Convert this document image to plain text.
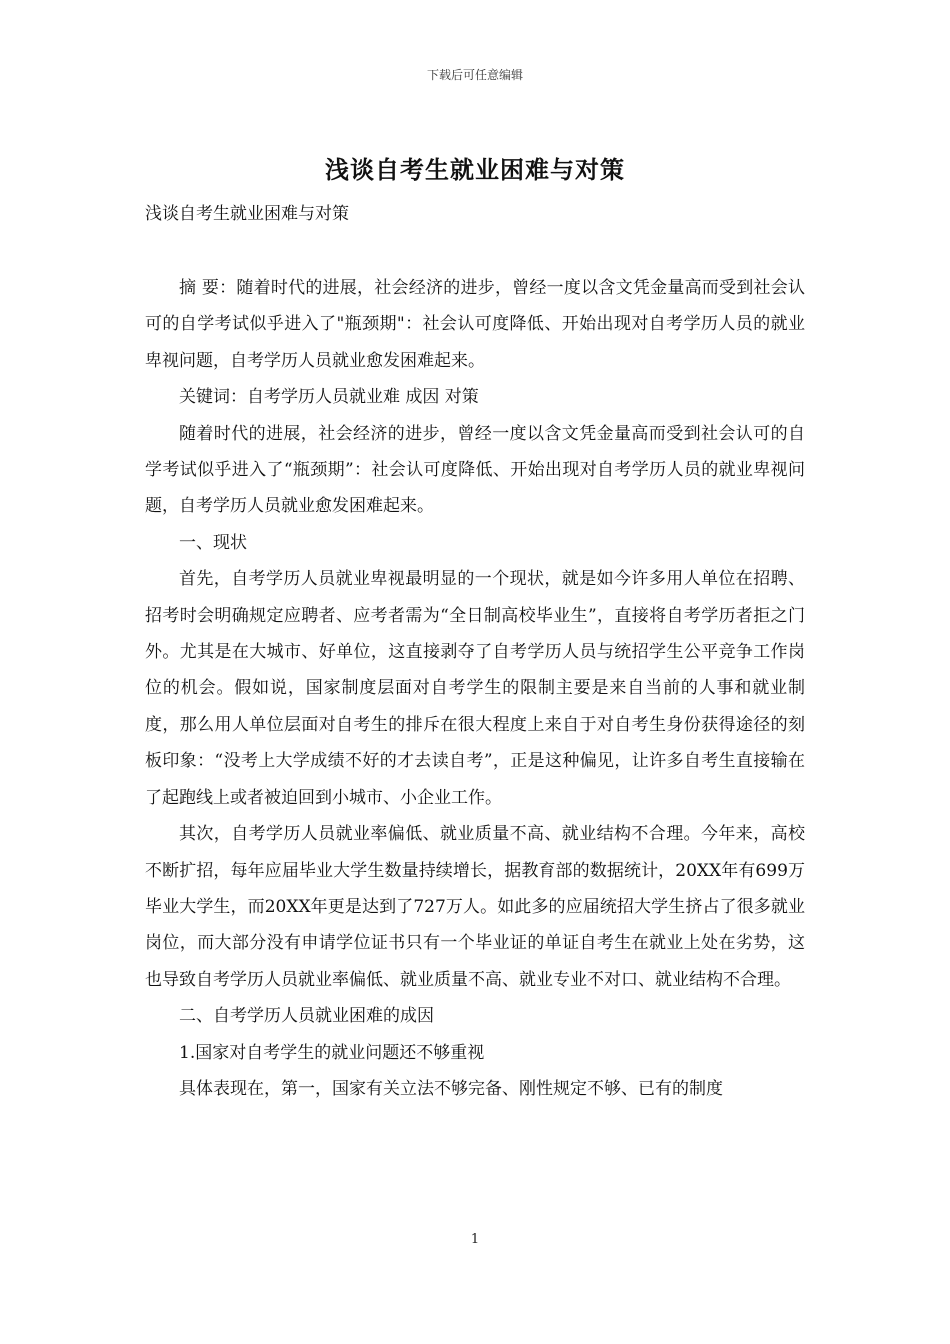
下载后可任意编辑
浅谈自考生就业困难与对策

浅谈自考生就业困难与对策

摘 要：随着时代的进展，社会经济的进步，曾经一度以含文凭金量高而受到社会认可的自学考试似乎进入了"瓶颈期"：社会认可度降低、开始出现对自考学历人员的就业卑视问题，自考学历人员就业愈发困难起来。

关键词：自考学历人员就业难 成因 对策

随着时代的进展，社会经济的进步，曾经一度以含文凭金量高而受到社会认可的自学考试似乎进入了“瓶颈期”：社会认可度降低、开始出现对自考学历人员的就业卑视问题，自考学历人员就业愈发困难起来。

一、现状

首先，自考学历人员就业卑视最明显的一个现状，就是如今许多用人单位在招聘、招考时会明确规定应聘者、应考者需为“全日制高校毕业生”，直接将自考学历者拒之门外。尤其是在大城市、好单位，这直接剥夺了自考学历人员与统招学生公平竞争工作岗位的机会。假如说，国家制度层面对自考学生的限制主要是来自当前的人事和就业制度，那么用人单位层面对自考生的排斥在很大程度上来自于对自考生身份获得途径的刻板印象：“没考上大学成绩不好的才去读自考”，正是这种偏见，让许多自考生直接输在了起跑线上或者被迫回到小城市、小企业工作。

其次，自考学历人员就业率偏低、就业质量不高、就业结构不合理。今年来，高校不断扩招，每年应届毕业大学生数量持续增长，据教育部的数据统计，20XX年有699万毕业大学生，而20XX年更是达到了727万人。如此多的应届统招大学生挤占了很多就业岗位，而大部分没有申请学位证书只有一个毕业证的单证自考生在就业上处在劣势，这也导致自考学历人员就业率偏低、就业质量不高、就业专业不对口、就业结构不合理。

二、自考学历人员就业困难的成因

1.国家对自考学生的就业问题还不够重视

具体表现在，第一，国家有关立法不够完备、刚性规定不够、已有的制度

1
